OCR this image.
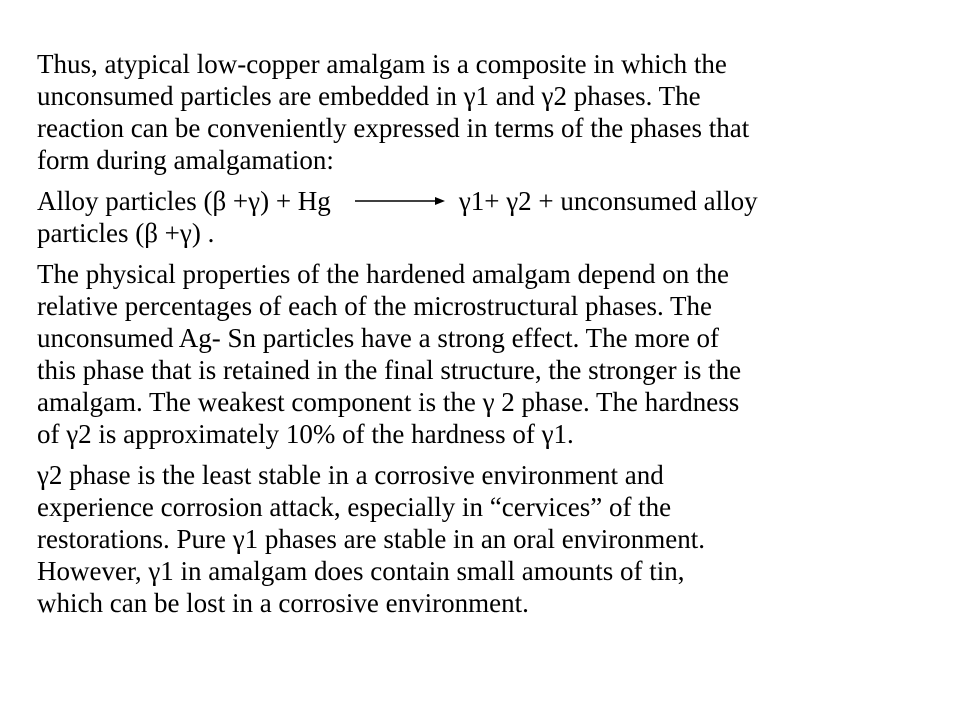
Thus, atypical low-copper amalgam is a composite in which the
unconsumed particles are embedded in γ1 and γ2 phases. The
reaction can be conveniently expressed in terms of the phases that
form during amalgamation:

Alloy particles (β +γ) + Hg → γ1+ γ2 + unconsumed alloy
particles (β +γ) .

The physical properties of the hardened amalgam depend on the
relative percentages of each of the microstructural phases. The
unconsumed Ag- Sn particles have a strong effect. The more of
this phase that is retained in the final structure, the stronger is the
amalgam. The weakest component is the γ 2 phase. The hardness
of γ2 is approximately 10% of the hardness of γ1.

γ2 phase is the least stable in a corrosive environment and
experience corrosion attack, especially in “cervices” of the
restorations. Pure γ1 phases are stable in an oral environment.
However, γ1 in amalgam does contain small amounts of tin,
which can be lost in a corrosive environment.
